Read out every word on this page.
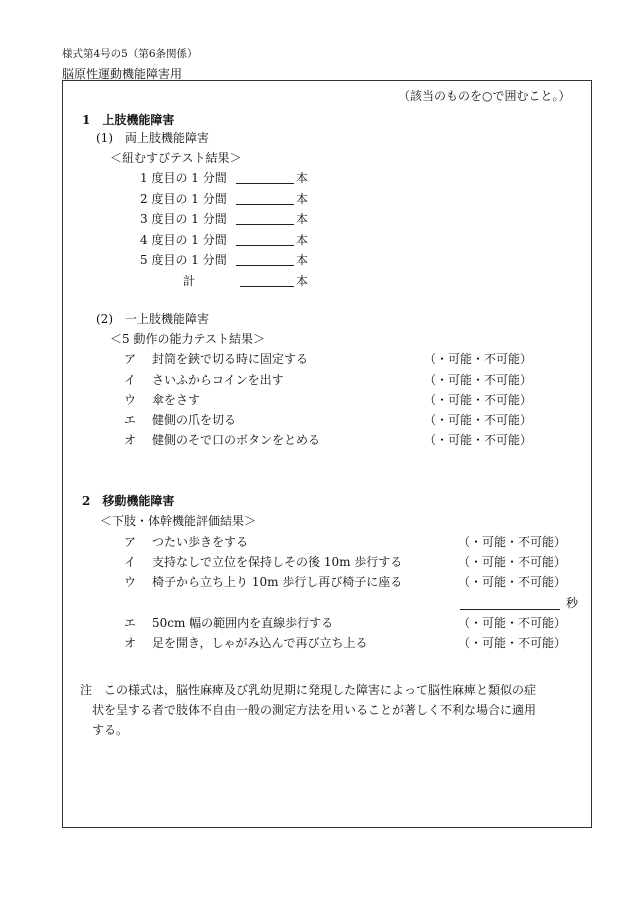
様式第4号の5（第6条関係）
脳原性運動機能障害用
（該当のものを○で囲むこと。）
1　上肢機能障害
(1)　両上肢機能障害
＜紐むすびテスト結果＞
1 度目の 1 分間	本
2 度目の 1 分間	本
3 度目の 1 分間	本
4 度目の 1 分間	本
5 度目の 1 分間	本
計	本
(2)　一上肢機能障害
＜5 動作の能力テスト結果＞
ア 封筒を鋏で切る時に固定する	（・可能・不可能）
イ さいふからコインを出す	（・可能・不可能）
ウ 傘をさす	（・可能・不可能）
エ 健側の爪を切る	（・可能・不可能）
オ 健側のそで口のボタンをとめる	（・可能・不可能）
2　移動機能障害
＜下肢・体幹機能評価結果＞
ア つたい歩きをする	（・可能・不可能）
イ 支持なしで立位を保持しその後 10m 歩行する	（・可能・不可能）
ウ 椅子から立ち上り 10m 歩行し再び椅子に座る	（・可能・不可能）
秒
エ 50cm 幅の範囲内を直線歩行する	（・可能・不可能）
オ 足を開き，しゃがみ込んで再び立ち上る	（・可能・不可能）
注　この様式は，脳性麻痺及び乳幼児期に発現した障害によって脳性麻痺と類似の症
状を呈する者で肢体不自由一般の測定方法を用いることが著しく不利な場合に適用
する。
